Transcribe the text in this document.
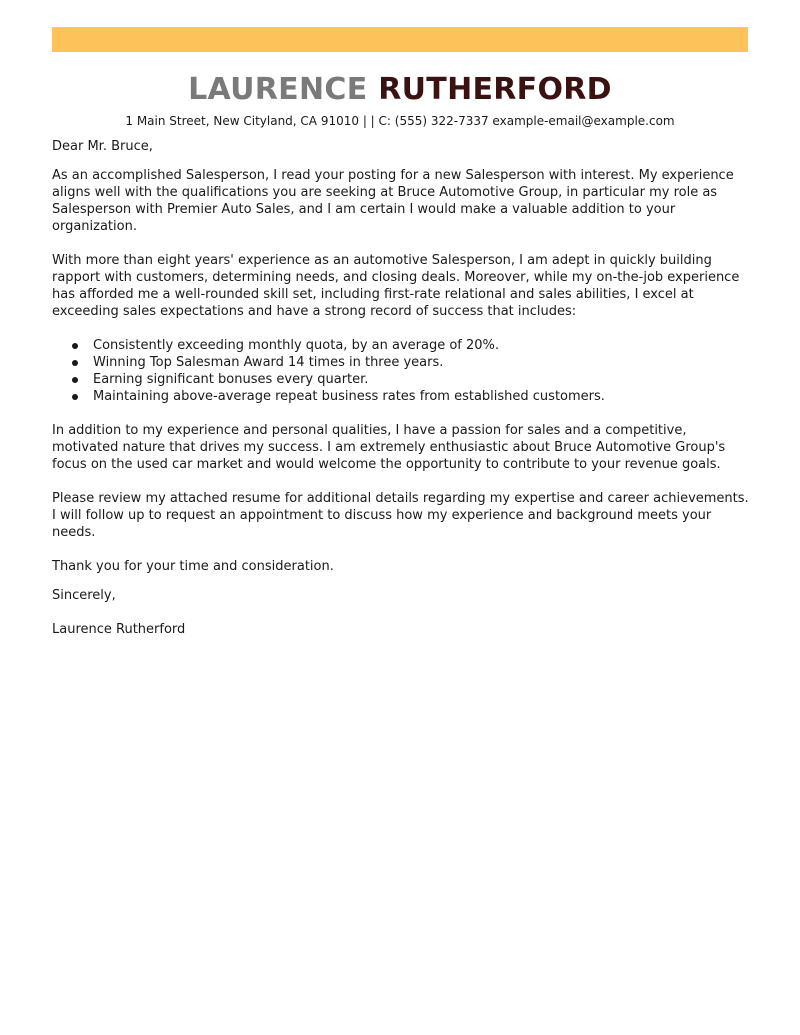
LAURENCE RUTHERFORD
1 Main Street, New Cityland, CA 91010 | | C: (555) 322-7337 example-email@example.com

Dear Mr. Bruce,

As an accomplished Salesperson, I read your posting for a new Salesperson with interest. My experience aligns well with the qualifications you are seeking at Bruce Automotive Group, in particular my role as Salesperson with Premier Auto Sales, and I am certain I would make a valuable addition to your organization.

With more than eight years' experience as an automotive Salesperson, I am adept in quickly building rapport with customers, determining needs, and closing deals. Moreover, while my on-the-job experience has afforded me a well-rounded skill set, including first-rate relational and sales abilities, I excel at exceeding sales expectations and have a strong record of success that includes:

Consistently exceeding monthly quota, by an average of 20%.
Winning Top Salesman Award 14 times in three years.
Earning significant bonuses every quarter.
Maintaining above-average repeat business rates from established customers.

In addition to my experience and personal qualities, I have a passion for sales and a competitive, motivated nature that drives my success. I am extremely enthusiastic about Bruce Automotive Group's focus on the used car market and would welcome the opportunity to contribute to your revenue goals.

Please review my attached resume for additional details regarding my expertise and career achievements. I will follow up to request an appointment to discuss how my experience and background meets your needs.

Thank you for your time and consideration.

Sincerely,

Laurence Rutherford
